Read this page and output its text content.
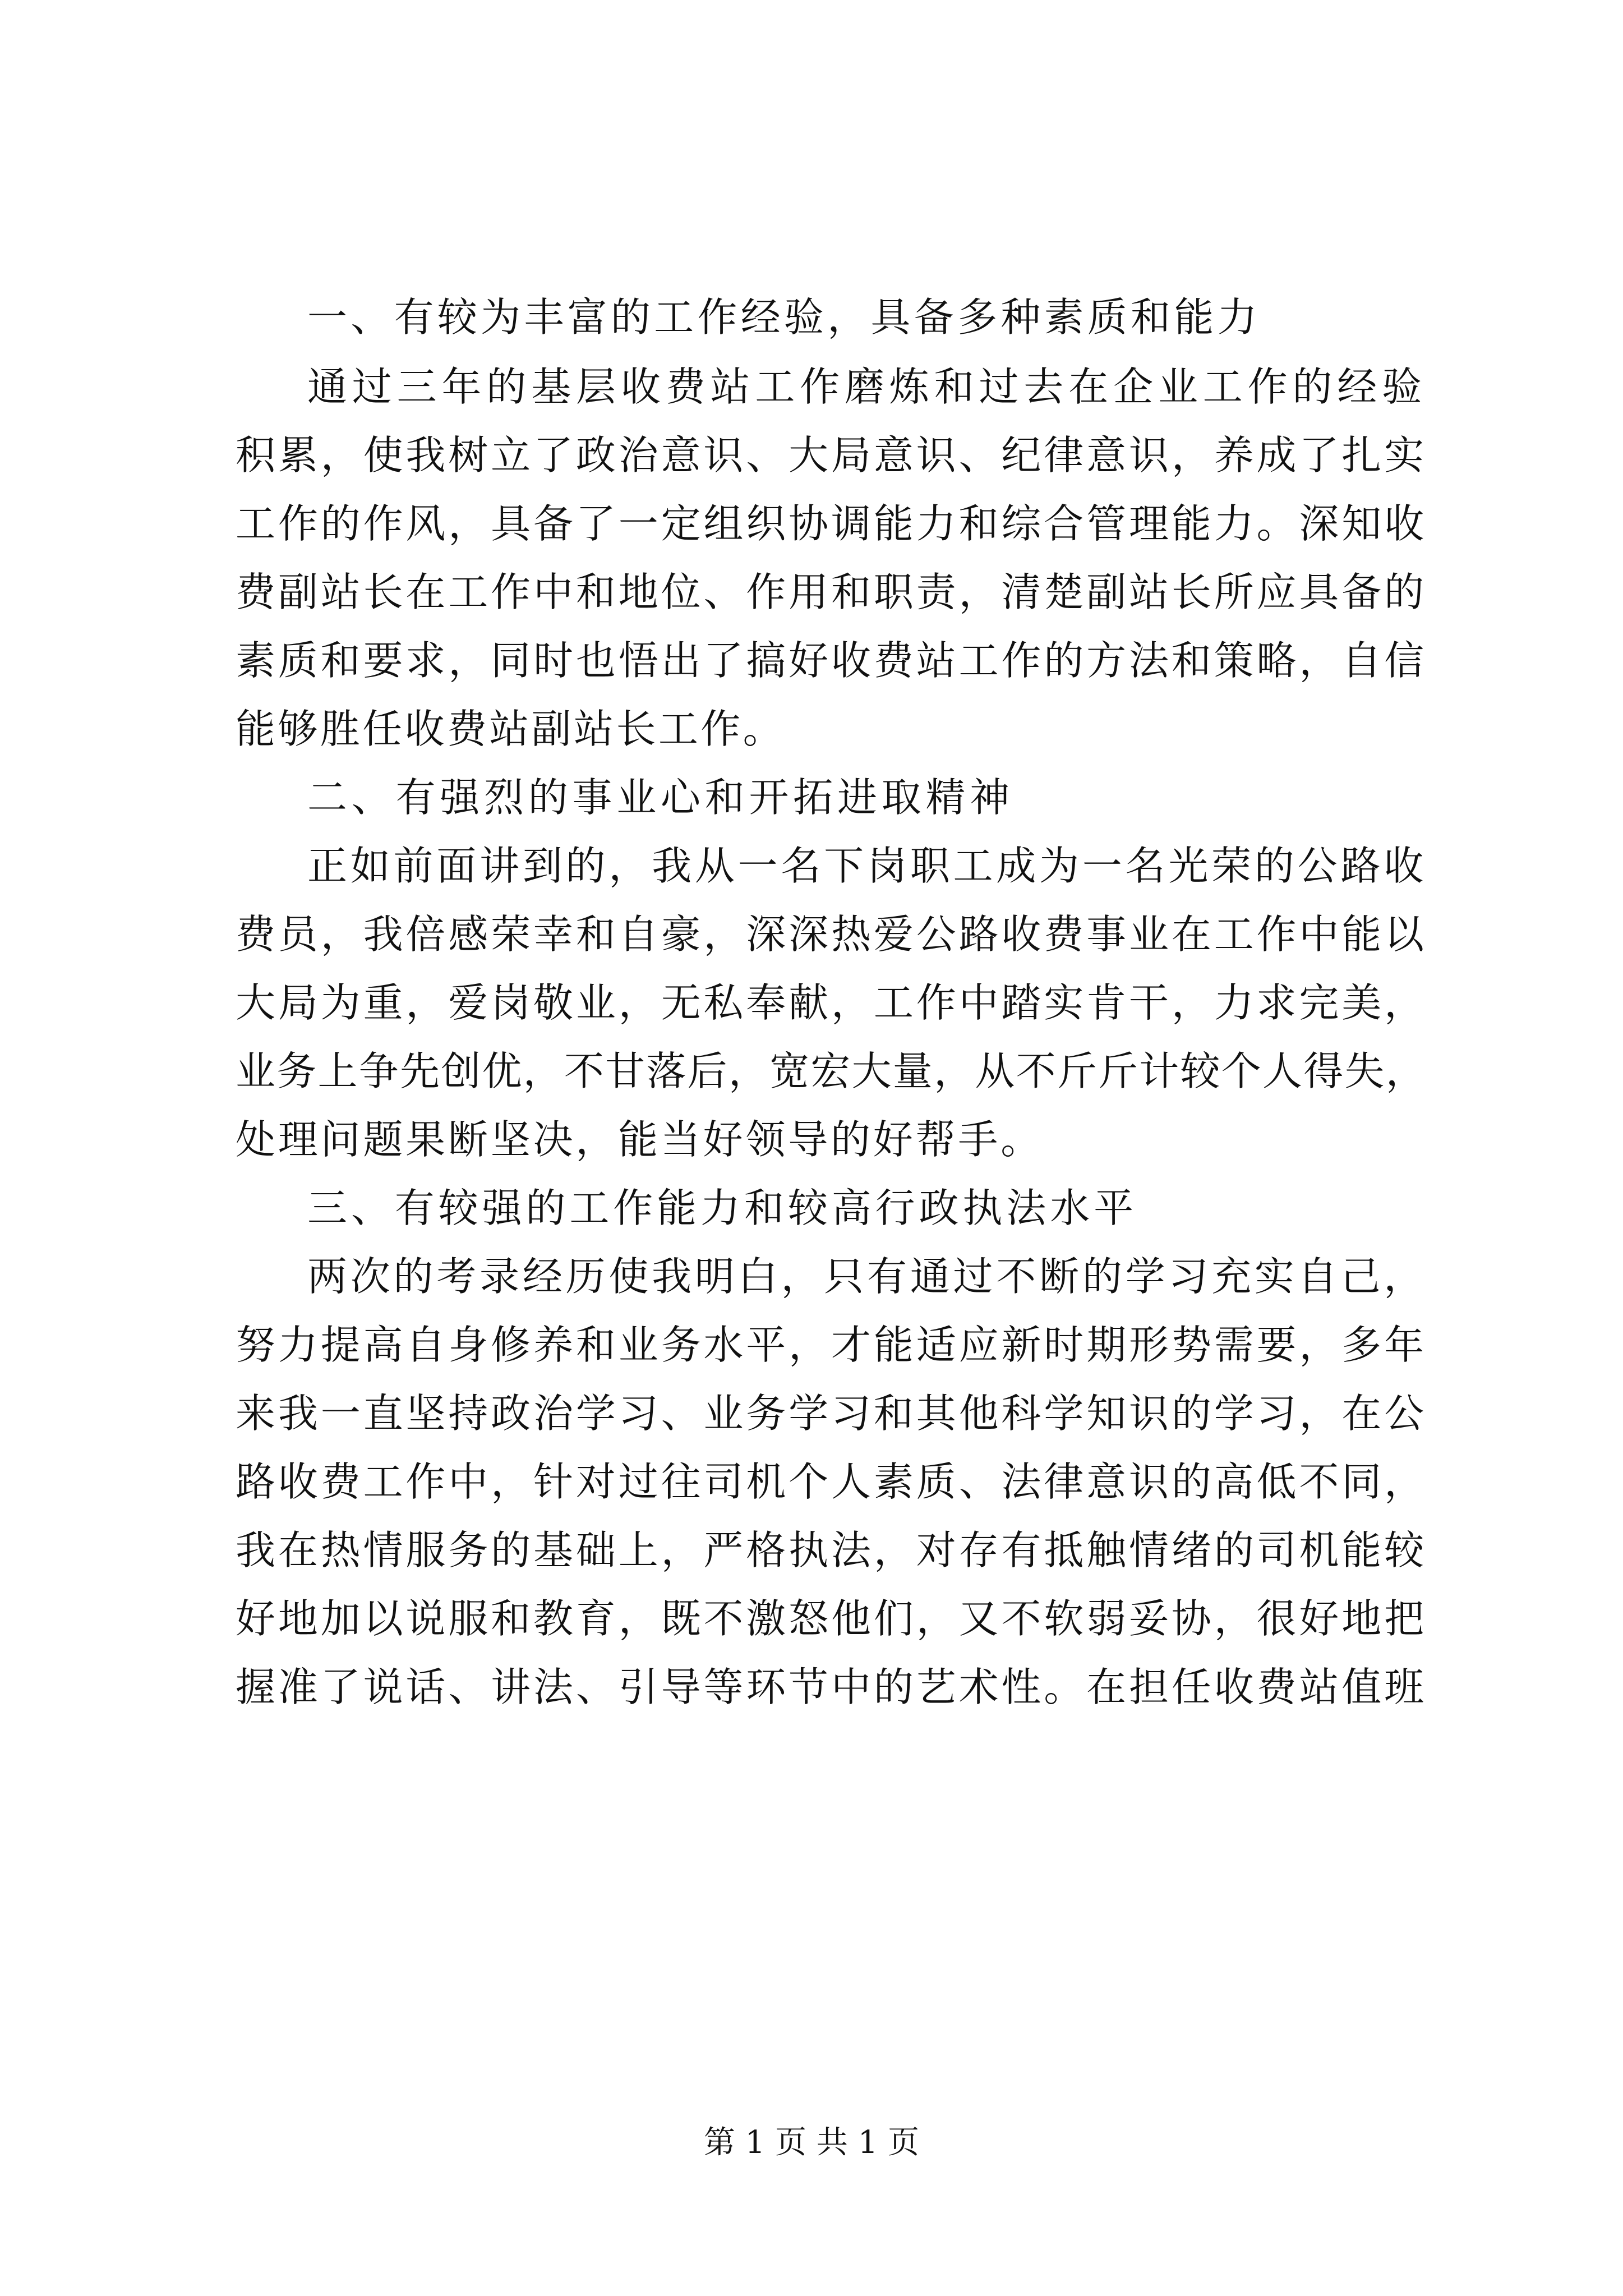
一、有较为丰富的工作经验，具备多种素质和能力
通过三年的基层收费站工作磨炼和过去在企业工作的经验
积累，使我树立了政治意识、大局意识、纪律意识，养成了扎实
工作的作风，具备了一定组织协调能力和综合管理能力。深知收
费副站长在工作中和地位、作用和职责，清楚副站长所应具备的
素质和要求，同时也悟出了搞好收费站工作的方法和策略，自信
能够胜任收费站副站长工作。
二、有强烈的事业心和开拓进取精神
正如前面讲到的，我从一名下岗职工成为一名光荣的公路收
费员，我倍感荣幸和自豪，深深热爱公路收费事业在工作中能以
大局为重，爱岗敬业，无私奉献，工作中踏实肯干，力求完美，
业务上争先创优，不甘落后，宽宏大量，从不斤斤计较个人得失，
处理问题果断坚决，能当好领导的好帮手。
三、有较强的工作能力和较高行政执法水平
两次的考录经历使我明白，只有通过不断的学习充实自己，
努力提高自身修养和业务水平，才能适应新时期形势需要，多年
来我一直坚持政治学习、业务学习和其他科学知识的学习，在公
路收费工作中，针对过往司机个人素质、法律意识的高低不同，
我在热情服务的基础上，严格执法，对存有抵触情绪的司机能较
好地加以说服和教育，既不激怒他们，又不软弱妥协，很好地把
握准了说话、讲法、引导等环节中的艺术性。在担任收费站值班
第 1 页 共 1 页
